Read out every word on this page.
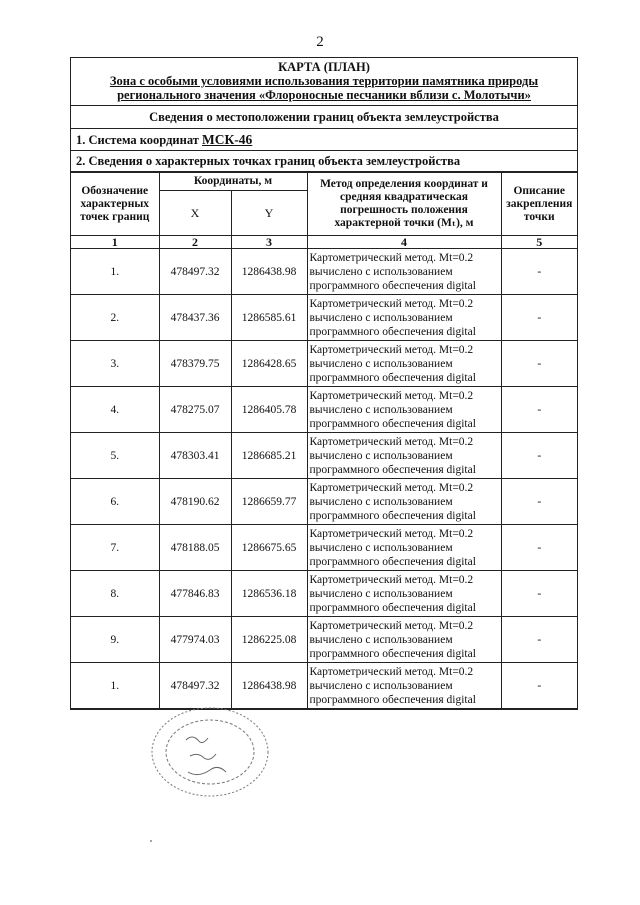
2
КАРТА (ПЛАН)
Зона с особыми условиями использования территории памятника природы
регионального значения «Флороносные песчаники вблизи с. Молотычи»
Сведения о местоположении границ объекта землеустройства
1. Система координат МСК-46
2. Сведения о характерных точках границ объекта землеустройства
Обозначение характерных точек границ	Координаты, м		Метод определения координат и средняя квадратическая погрешность положения характерной точки (Mₜ), м	Описание закрепления точки
	X	Y		
1	2	3	4	5
1.	478497.32	1286438.98	Картометрический метод. Mt=0.2
вычислено с использованием
программного обеспечения digital	-
2.	478437.36	1286585.61	Картометрический метод. Mt=0.2
вычислено с использованием
программного обеспечения digital	-
3.	478379.75	1286428.65	Картометрический метод. Mt=0.2
вычислено с использованием
программного обеспечения digital	-
4.	478275.07	1286405.78	Картометрический метод. Mt=0.2
вычислено с использованием
программного обеспечения digital	-
5.	478303.41	1286685.21	Картометрический метод. Mt=0.2
вычислено с использованием
программного обеспечения digital	-
6.	478190.62	1286659.77	Картометрический метод. Mt=0.2
вычислено с использованием
программного обеспечения digital	-
7.	478188.05	1286675.65	Картометрический метод. Mt=0.2
вычислено с использованием
программного обеспечения digital	-
8.	477846.83	1286536.18	Картометрический метод. Mt=0.2
вычислено с использованием
программного обеспечения digital	-
9.	477974.03	1286225.08	Картометрический метод. Mt=0.2
вычислено с использованием
программного обеспечения digital	-
1.	478497.32	1286438.98	Картометрический метод. Mt=0.2
вычислено с использованием
программного обеспечения digital	-
